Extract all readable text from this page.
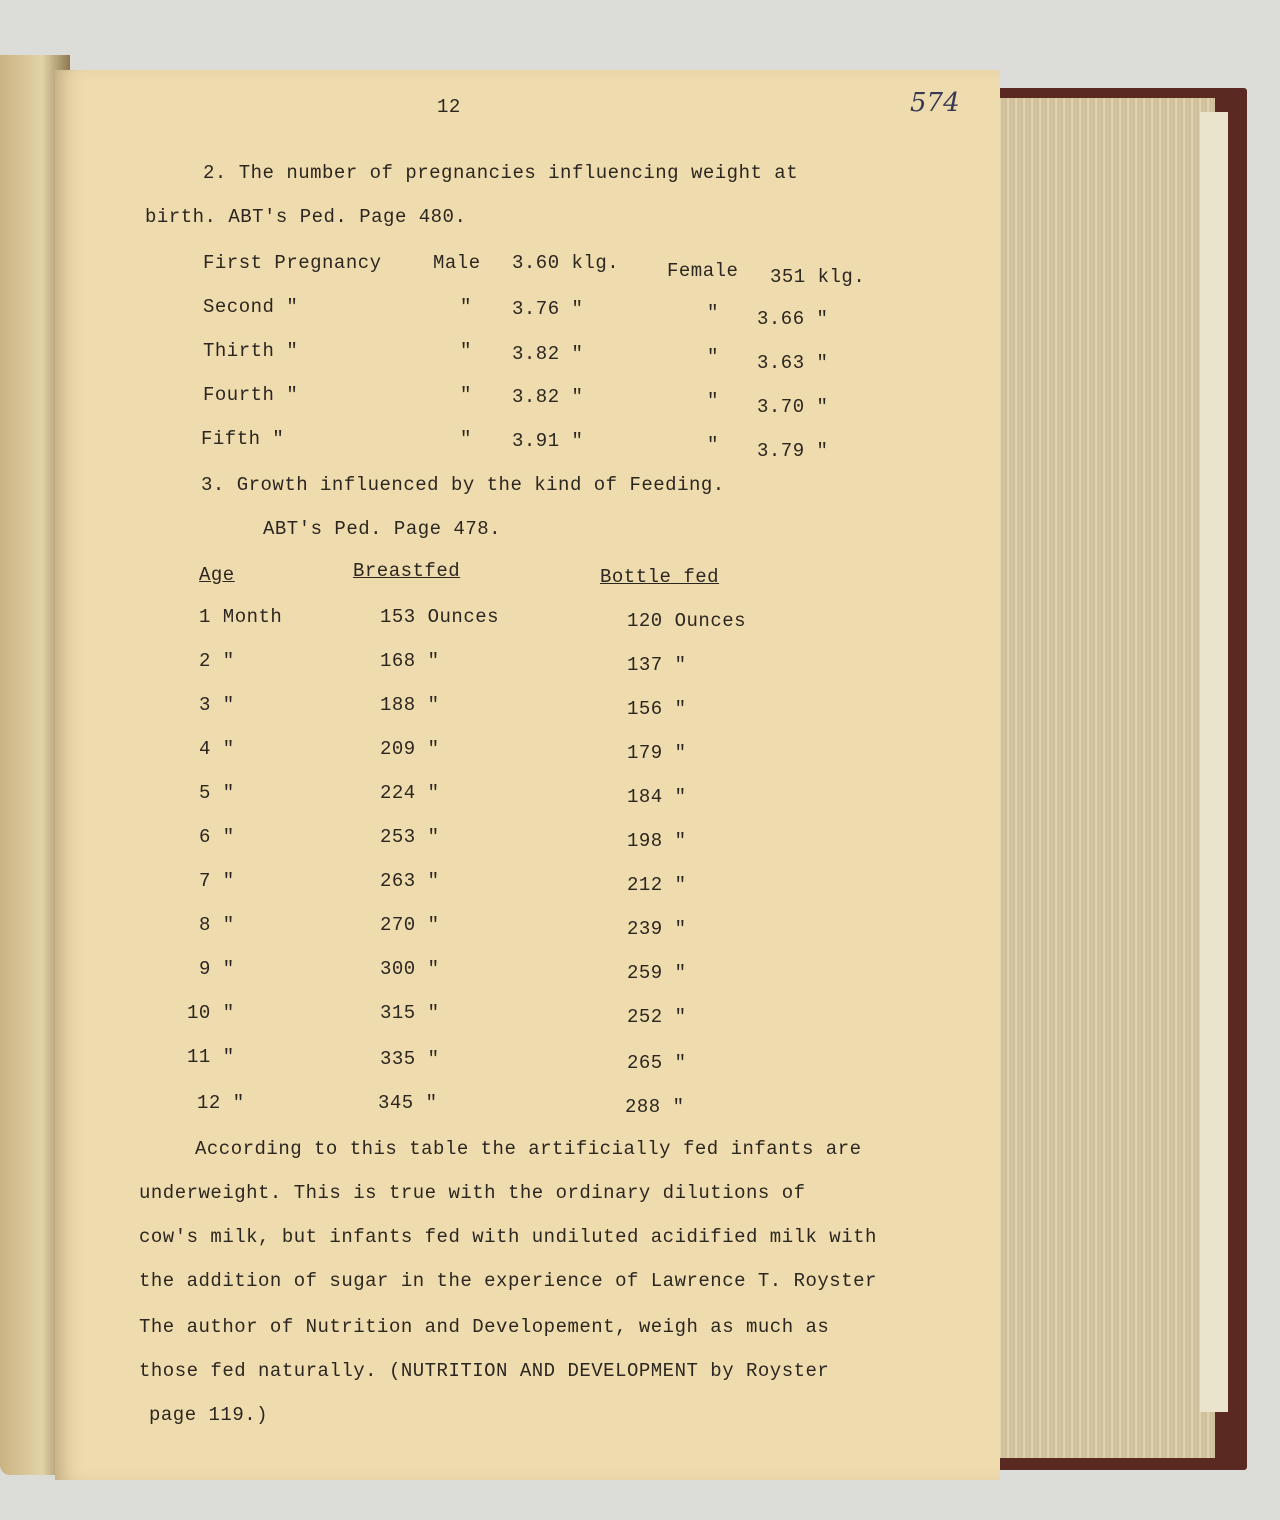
12
2. The number of pregnancies influencing weight at
birth. ABT's Ped. Page 480.
First Pregnancy	Male 3.60 klg.	Female 351 klg.
Second "	" 3.76 "	" 3.66 "
Thirth "	" 3.82 "	" 3.63 "
Fourth "	" 3.82 "	" 3.70 "
Fifth "	" 3.91 "	" 3.79 "
3. Growth influenced by the kind of Feeding.
ABT's Ped. Page 478.
Age	Breastfed	Bottle fed
1 Month	153 Ounces	120 Ounces
2 "	168 "	137 "
3 "	188 "	156 "
4 "	209 "	179 "
5 "	224 "	184 "
6 "	253 "	198 "
7 "	263 "	212 "
8 "	270 "	239 "
9 "	300 "	259 "
10 "	315 "	252 "
11 "	335 "	265 "
12 "	345 "	288 "
According to this table the artificially fed infants are
underweight. This is true with the ordinary dilutions of
cow's milk, but infants fed with undiluted acidified milk with
the addition of sugar in the experience of Lawrence T. Royster
The author of Nutrition and Developement, weigh as much as
those fed naturally. (NUTRITION AND DEVELOPMENT by Royster
page 119.)
574
